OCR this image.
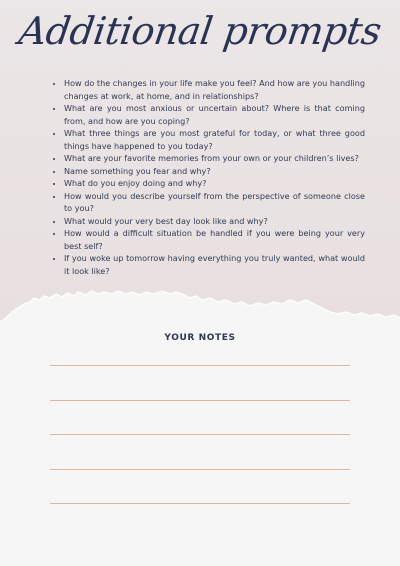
Additional prompts
• How do the changes in your life make you feel? And how are you handling changes at work, at home, and in relationships?
• What are you most anxious or uncertain about? Where is that coming from, and how are you coping?
• What three things are you most grateful for today, or what three good things have happened to you today?
• What are your favorite memories from your own or your children’s lives?
• Name something you fear and why?
• What do you enjoy doing and why?
• How would you describe yourself from the perspective of someone close to you?
• What would your very best day look like and why?
• How would a difficult situation be handled if you were being your very best self?
• If you woke up tomorrow having everything you truly wanted, what would it look like?
YOUR NOTES
